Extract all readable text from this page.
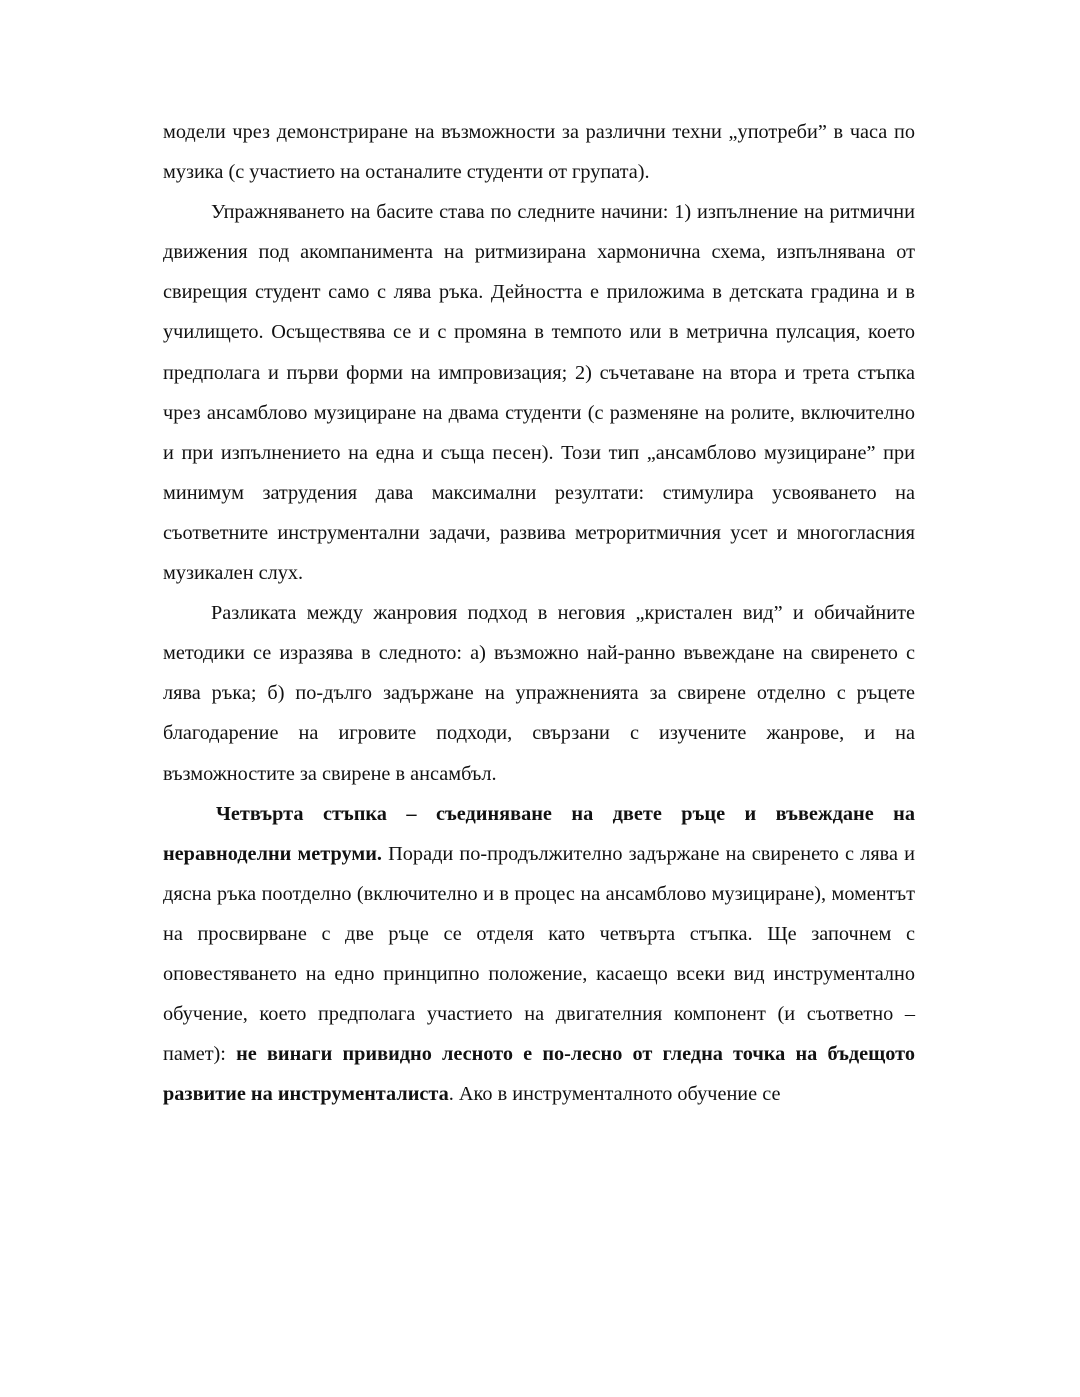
модели чрез демонстриране на възможности за различни техни „употреби” в часа по музика (с участието на останалите студенти от групата).

Упражняването на басите става по следните начини: 1) изпълнение на ритмични движения под акомпанимента на ритмизирана хармонична схема, изпълнявана от свирещия студент само с лява ръка. Дейността е приложима в детската градина и в училището. Осъществява се и с промяна в темпото или в метрична пулсация, което предполага и първи форми на импровизация; 2) съчетаване на втора и трета стъпка чрез ансамблово музициране на двама студенти (с разменяне на ролите, включително и при изпълнението на една и съща песен). Този тип „ансамблово музициране” при минимум затрудения дава максимални резултати: стимулира усвояването на съответните инструментални задачи, развива метроритмичния усет и многогласния музикален слух.

Разликата между жанровия подход в неговия „кристален вид” и обичайните методики се изразява в следното: а) възможно най-ранно въвеждане на свиренето с лява ръка; б) по-дълго задържане на упражненията за свирене отделно с ръцете благодарение на игровите подходи, свързани с изучените жанрове, и на възможностите за свирене в ансамбъл.

Четвърта стъпка – съединяване на двете ръце и въвеждане на неравноделни метруми. Поради по-продължително задържане на свиренето с лява и дясна ръка поотделно (включително и в процес на ансамблово музициране), моментът на просвирване с две ръце се отделя като четвърта стъпка. Ще започнем с оповестяването на едно принципно положение, касаещо всеки вид инструментално обучение, което предполага участието на двигателния компонент (и съответно – памет): не винаги привидно лесното е по-лесно от гледна точка на бъдещото развитие на инструменталиста. Ако в инструменталното обучение се
